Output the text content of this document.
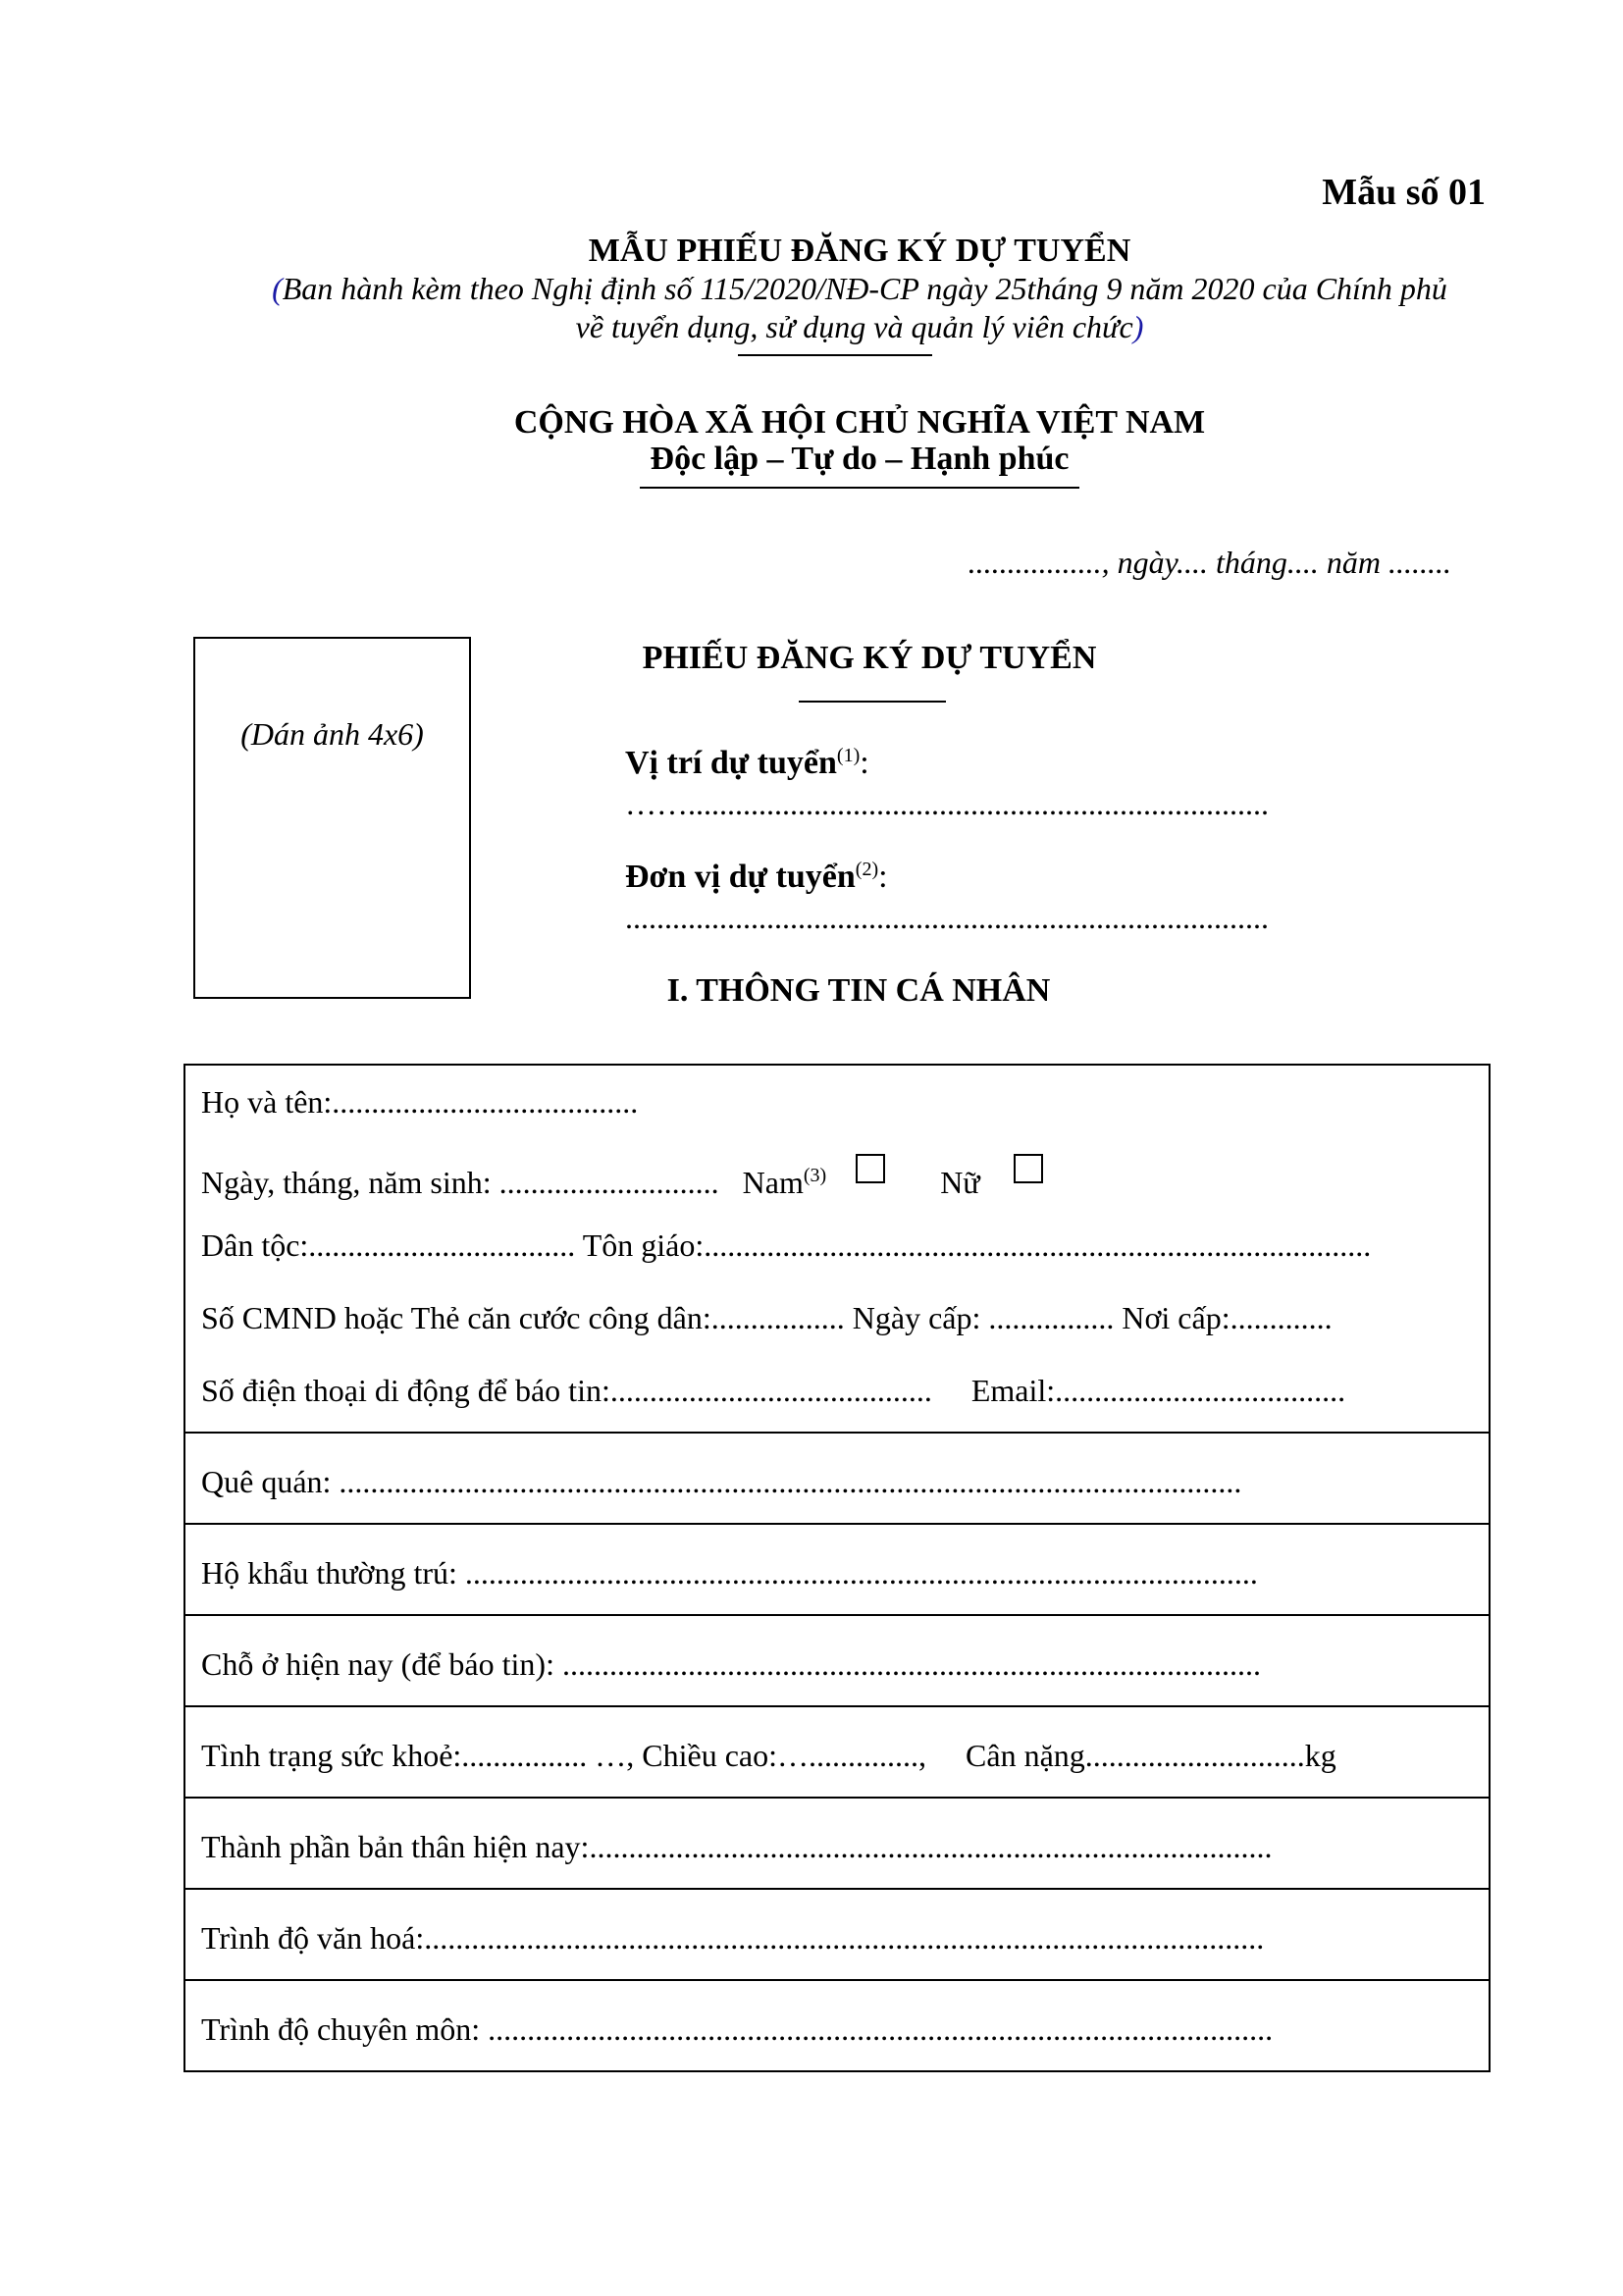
Mẫu số 01
MẪU PHIẾU ĐĂNG KÝ DỰ TUYỂN
(Ban hành kèm theo Nghị định số 115/2020/NĐ-CP ngày 25tháng 9 năm 2020 của Chính phủ
về tuyển dụng, sử dụng và quản lý viên chức)
CỘNG HÒA XÃ HỘI CHỦ NGHĨA VIỆT NAM
Độc lập – Tự do – Hạnh phúc
................., ngày.... tháng.... năm ........
(Dán ảnh 4x6)
PHIẾU ĐĂNG KÝ DỰ TUYỂN
Vị trí dự tuyển$^{(1)}$:
……..........................................................................
Đơn vị dự tuyển$^{(2)}$:
..................................................................................
I. THÔNG TIN CÁ NHÂN
Họ và tên:.......................................
Ngày, tháng, năm sinh: ............................ Nam$^{(3)}$	Nữ
Dân tộc:.................................. Tôn giáo:.....................................................................................
Số CMND hoặc Thẻ căn cước công dân:................. Ngày cấp: ................ Nơi cấp:.............
Số điện thoại di động để báo tin:.........................................     Email:.....................................
Quê quán: ...................................................................................................................
Hộ khẩu thường trú: .....................................................................................................
Chỗ ở hiện nay (để báo tin): .........................................................................................
Tình trạng sức khoẻ:................ …, Chiều cao:…..............,     Cân nặng............................kg
Thành phần bản thân hiện nay:.......................................................................................
Trình độ văn hoá:...........................................................................................................
Trình độ chuyên môn: ....................................................................................................
